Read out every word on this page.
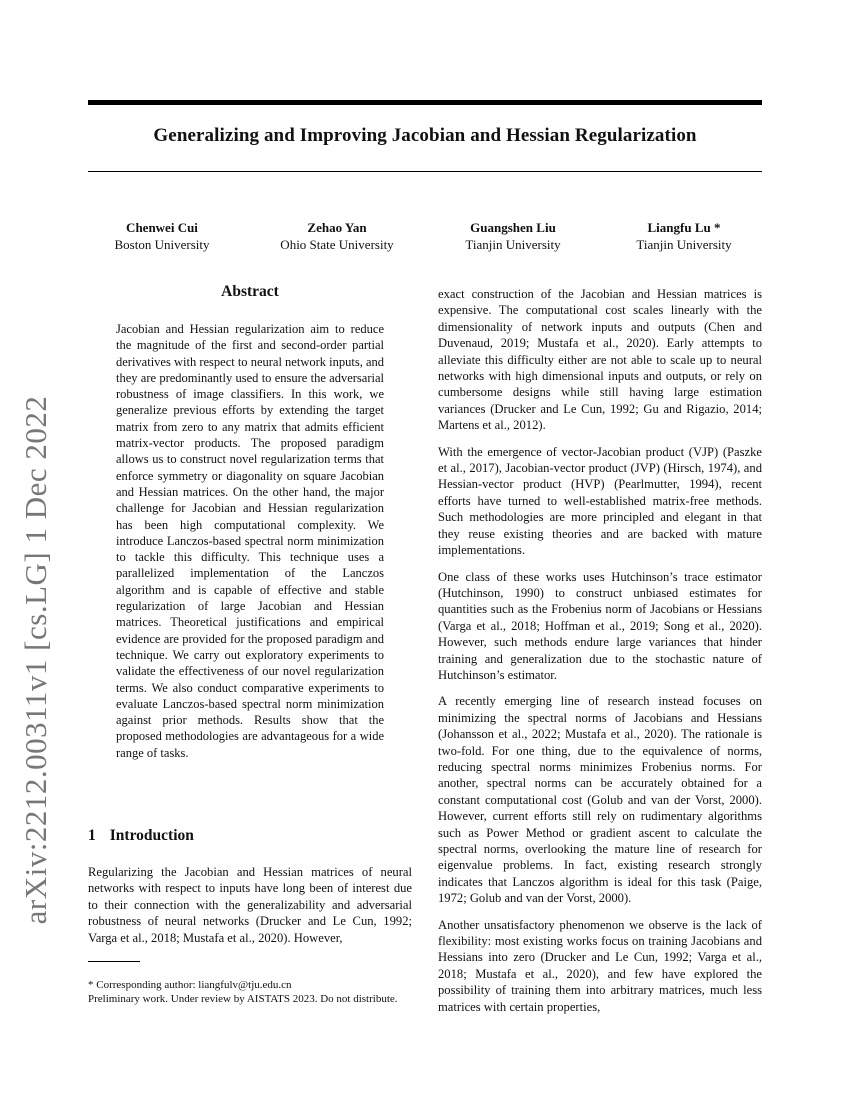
Generalizing and Improving Jacobian and Hessian Regularization
Chenwei Cui
Boston University
Zehao Yan
Ohio State University
Guangshen Liu
Tianjin University
Liangfu Lu *
Tianjin University
arXiv:2212.00311v1 [cs.LG] 1 Dec 2022
Abstract

Jacobian and Hessian regularization aim to reduce the magnitude of the first and second-order partial derivatives with respect to neural network inputs, and they are predominantly used to ensure the adversarial robustness of image classifiers. In this work, we generalize previous efforts by extending the target matrix from zero to any matrix that admits efficient matrix-vector products. The proposed paradigm allows us to construct novel regularization terms that enforce symmetry or diagonality on square Jacobian and Hessian matrices. On the other hand, the major challenge for Jacobian and Hessian regularization has been high computational complexity. We introduce Lanczos-based spectral norm minimization to tackle this difficulty. This technique uses a parallelized implementation of the Lanczos algorithm and is capable of effective and stable regularization of large Jacobian and Hessian matrices. Theoretical justifications and empirical evidence are provided for the proposed paradigm and technique. We carry out exploratory experiments to validate the effectiveness of our novel regularization terms. We also conduct comparative experiments to evaluate Lanczos-based spectral norm minimization against prior methods. Results show that the proposed methodologies are advantageous for a wide range of tasks.

1 Introduction

Regularizing the Jacobian and Hessian matrices of neural networks with respect to inputs have long been of interest due to their connection with the generalizability and adversarial robustness of neural networks (Drucker and Le Cun, 1992; Varga et al., 2018; Mustafa et al., 2020). However,

* Corresponding author: liangfulv@tju.edu.cn
Preliminary work. Under review by AISTATS 2023. Do not distribute.

exact construction of the Jacobian and Hessian matrices is expensive. The computational cost scales linearly with the dimensionality of network inputs and outputs (Chen and Duvenaud, 2019; Mustafa et al., 2020). Early attempts to alleviate this difficulty either are not able to scale up to neural networks with high dimensional inputs and outputs, or rely on cumbersome designs while still having large estimation variances (Drucker and Le Cun, 1992; Gu and Rigazio, 2014; Martens et al., 2012).

With the emergence of vector-Jacobian product (VJP) (Paszke et al., 2017), Jacobian-vector product (JVP) (Hirsch, 1974), and Hessian-vector product (HVP) (Pearlmutter, 1994), recent efforts have turned to well-established matrix-free methods. Such methodologies are more principled and elegant in that they reuse existing theories and are backed with mature implementations.

One class of these works uses Hutchinson’s trace estimator (Hutchinson, 1990) to construct unbiased estimates for quantities such as the Frobenius norm of Jacobians or Hessians (Varga et al., 2018; Hoffman et al., 2019; Song et al., 2020). However, such methods endure large variances that hinder training and generalization due to the stochastic nature of Hutchinson’s estimator.

A recently emerging line of research instead focuses on minimizing the spectral norms of Jacobians and Hessians (Johansson et al., 2022; Mustafa et al., 2020). The rationale is two-fold. For one thing, due to the equivalence of norms, reducing spectral norms minimizes Frobenius norms. For another, spectral norms can be accurately obtained for a constant computational cost (Golub and van der Vorst, 2000). However, current efforts still rely on rudimentary algorithms such as Power Method or gradient ascent to calculate the spectral norms, overlooking the mature line of research for eigenvalue problems. In fact, existing research strongly indicates that Lanczos algorithm is ideal for this task (Paige, 1972; Golub and van der Vorst, 2000).

Another unsatisfactory phenomenon we observe is the lack of flexibility: most existing works focus on training Jacobians and Hessians into zero (Drucker and Le Cun, 1992; Varga et al., 2018; Mustafa et al., 2020), and few have explored the possibility of training them into arbitrary matrices, much less matrices with certain properties,
